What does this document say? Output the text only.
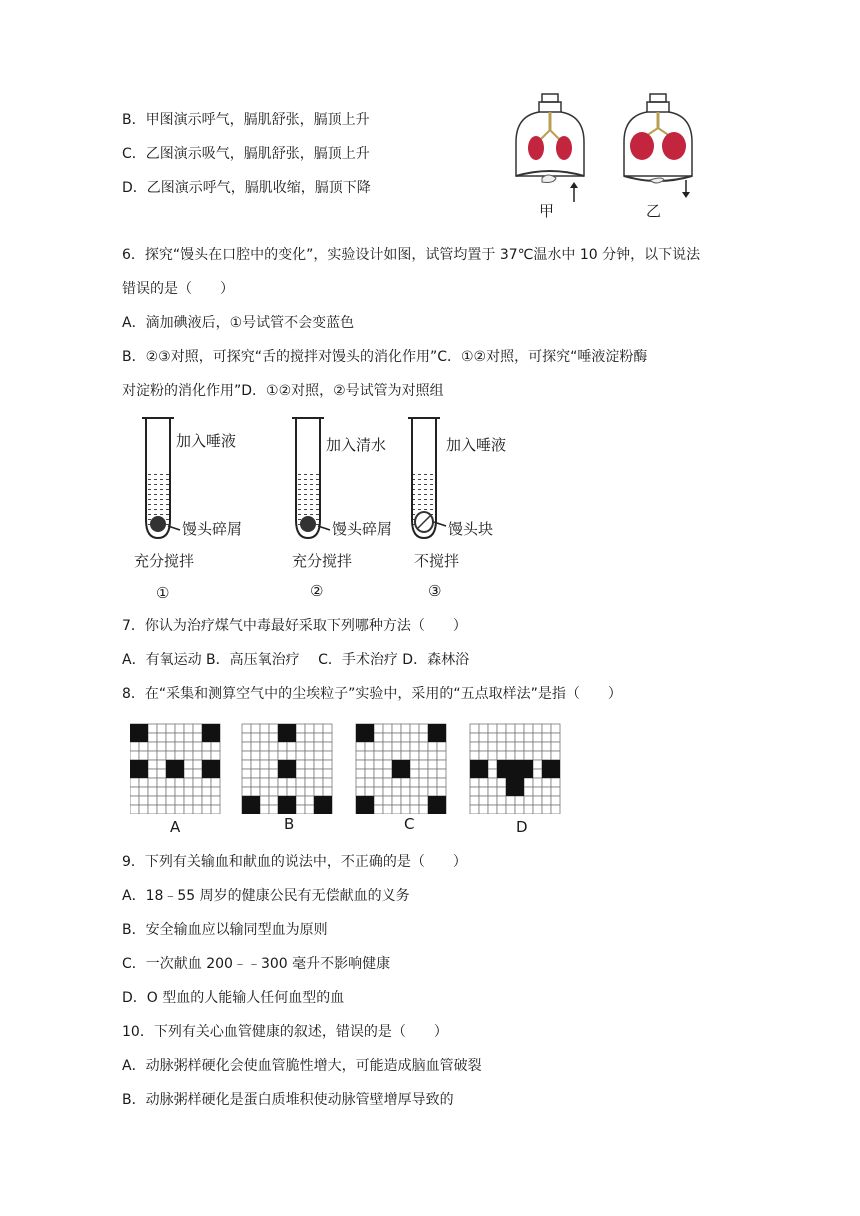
B．甲图演示呼气，膈肌舒张，膈顶上升
C．乙图演示吸气，膈肌舒张，膈顶上升
D．乙图演示呼气，膈肌收缩，膈顶下降
甲	乙
6．探究“馒头在口腔中的变化”，实验设计如图，试管均置于 37℃温水中 10 分钟，以下说法
错误的是（　　）
A．滴加碘液后，①号试管不会变蓝色
B．②③对照，可探究“舌的搅拌对馒头的消化作用”C．①②对照，可探究“唾液淀粉酶
对淀粉的消化作用”D．①②对照，②号试管为对照组
加入唾液
馒头碎屑
充分搅拌
①
加入清水
馒头碎屑
充分搅拌
②
加入唾液
馒头块
不搅拌
③
7．你认为治疗煤气中毒最好采取下列哪种方法（　　）
A．有氧运动 B．高压氧治疗　 C．手术治疗 D．森林浴
8．在“采集和测算空气中的尘埃粒子”实验中，采用的“五点取样法”是指（　　）
A	B	C	D
9．下列有关输血和献血的说法中，不正确的是（　　）
A．18﹣55 周岁的健康公民有无偿献血的义务
B．安全输血应以输同型血为原则
C．一次献血 200﹣﹣300 毫升不影响健康
D．O 型血的人能输人任何血型的血
10．下列有关心血管健康的叙述，错误的是（　　）
A．动脉粥样硬化会使血管脆性增大，可能造成脑血管破裂
B．动脉粥样硬化是蛋白质堆积使动脉管壁增厚导致的
